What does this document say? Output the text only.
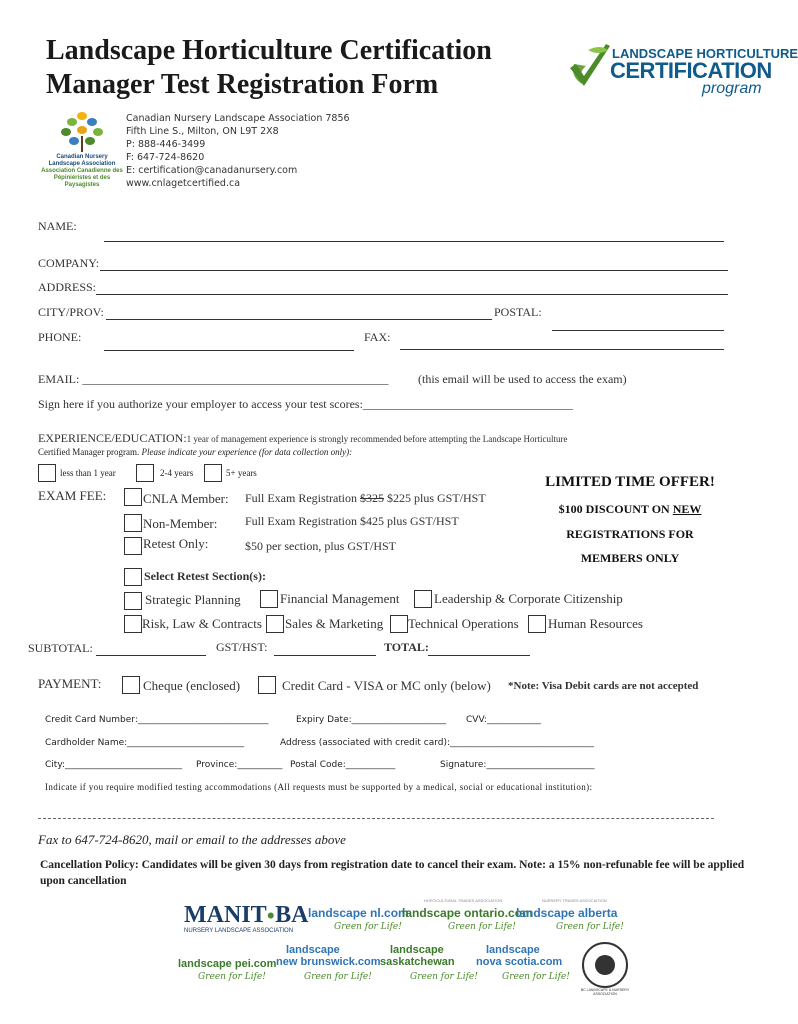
Landscape Horticulture Certification
Manager Test Registration Form
LANDSCAPE HORTICULTURE
CERTIFICATION
program
Canadian Nursery
Landscape Association
Association Canadienne des
Pépiniéristes et des Paysagistes
Canadian Nursery Landscape Association 7856
Fifth Line S., Milton, ON L9T 2X8
P: 888-446-3499
F: 647-724-8620
E: certification@canadanursery.com
www.cnlagetcertified.ca
NAME:
COMPANY:
ADDRESS:
CITY/PROV:	POSTAL:
PHONE:	FAX:
EMAIL: ___________________________________________________ (this email will be used to access the exam)
Sign here if you authorize your employer to access your test scores:___________________________________
EXPERIENCE/EDUCATION:1 year of management experience is strongly recommended before attempting the Landscape Horticulture
Certified Manager program. Please indicate your experience (for data collection only):
less than 1 year	2-4 years	5+ years
EXAM FEE:	CNLA Member: Full Exam Registration $325 $225 plus GST/HST
Non-Member: Full Exam Registration $425 plus GST/HST
Retest Only:	$50 per section, plus GST/HST
LIMITED TIME OFFER!
$100 DISCOUNT ON NEW
REGISTRATIONS FOR
MEMBERS ONLY
Select Retest Section(s):
Strategic Planning	Financial Management	Leadership & Corporate Citizenship
Risk, Law & Contracts Sales & Marketing Technical Operations Human Resources
SUBTOTAL:	GST/HST:	TOTAL:
PAYMENT:	Cheque (enclosed)	Credit Card - VISA or MC only (below) *Note: Visa Debit cards are not accepted
Credit Card Number:_____________________________	Expiry Date:_____________________ CVV:____________
Cardholder Name:__________________________	Address (associated with credit card):________________________________
City:__________________________ Province:__________ Postal Code:___________	Signature:________________________
Indicate if you require modified testing accommodations (All requests must be supported by a medical, social or educational institution):
Fax to 647-724-8620, mail or email to the addresses above
Cancellation Policy: Candidates will be given 30 days from registration date to cancel their exam. Note: a 15% non-refunable fee will be applied upon cancellation
MANIT●BA
NURSERY LANDSCAPE ASSOCIATION
landscape nl.com
Green for Life!
HORTICULTURAL TRADES ASSOCIATION
landscape ontario.com
Green for Life!
NURSERY TRADES ASSOCIATION
landscape alberta
Green for Life!
landscape pei.com
Green for Life!
landscape
new brunswick.com
Green for Life!
landscape
saskatchewan
Green for Life!
landscape
nova scotia.com
Green for Life!
BC LANDSCAPE & NURSERY ASSOCIATION
